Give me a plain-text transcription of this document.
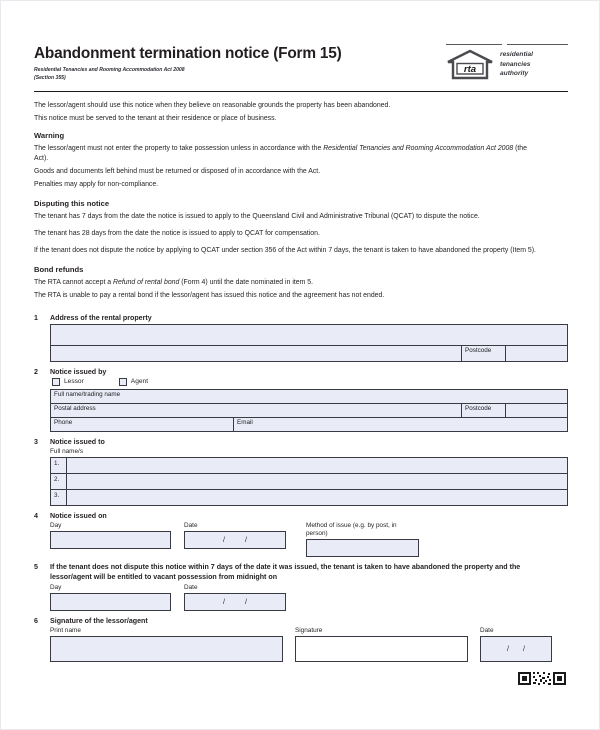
Abandonment termination notice (Form 15)
Residential Tenancies and Rooming Accommodation Act 2008
(Section 355)
rta
residential
tenancies
authority

The lessor/agent should use this notice when they believe on reasonable grounds the property has been abandoned.

This notice must be served to the tenant at their residence or place of business.

Warning

The lessor/agent must not enter the property to take possession unless in accordance with the Residential Tenancies and Rooming Accommodation Act 2008 (the Act).

Goods and documents left behind must be returned or disposed of in accordance with the Act.

Penalties may apply for non-compliance.

Disputing this notice

The tenant has 7 days from the date the notice is issued to apply to the Queensland Civil and Administrative Tribunal (QCAT) to dispute the notice.

The tenant has 28 days from the date the notice is issued to apply to QCAT for compensation.

If the tenant does not dispute the notice by applying to QCAT under section 356 of the Act within 7 days, the tenant is taken to have abandoned the property (Item 5).

Bond refunds

The RTA cannot accept a Refund of rental bond (Form 4) until the date nominated in item 5.

The RTA is unable to pay a rental bond if the lessor/agent has issued this notice and the agreement has not ended.

1	Address of the rental property
Postcode
2	Notice issued by
Lessor	Agent
Full name/trading name
Postal address	Postcode
Phone	Email
3	Notice issued to
Full name/s
1.
2.
3.
4	Notice issued on
Day	Date
/	/
Method of issue (e.g. by post, in person)
5	If the tenant does not dispute this notice within 7 days of the date it was issued, the tenant is taken to have abandoned the property and the lessor/agent will be entitled to vacant possession from midnight on
Day	Date
/	/
6	Signature of the lessor/agent
Print name	Signature	Date
/ /
